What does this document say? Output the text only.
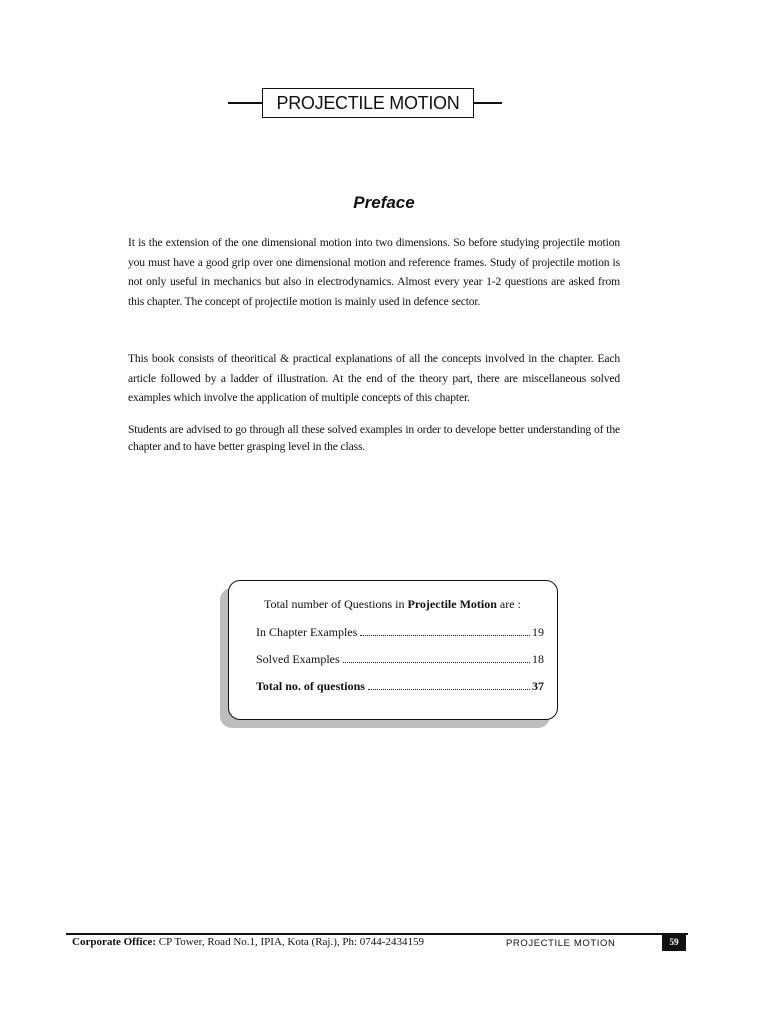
PROJECTILE MOTION
Preface

It is the extension of the one dimensional motion into two dimensions. So before studying projectile motion you must have a good grip over one dimensional motion and reference frames. Study of projectile motion is not only useful in mechanics but also in electrodynamics. Almost every year 1-2 questions are asked from this chapter. The concept of projectile motion is mainly used in defence sector.

This book consists of theoritical & practical explanations of all the concepts involved in the chapter. Each article followed by a ladder of illustration. At the end of the theory part, there are miscellaneous solved examples which involve the application of multiple concepts of this chapter.

Students are advised to go through all these solved examples in order to develope better understanding of the chapter and to have better grasping level in the class.

Total number of Questions in Projectile Motion are :
In Chapter Examples	19
Solved Examples	18
Total no. of questions	37
Corporate Office: CP Tower, Road No.1, IPIA, Kota (Raj.), Ph: 0744-2434159	PROJECTILE MOTION	59
